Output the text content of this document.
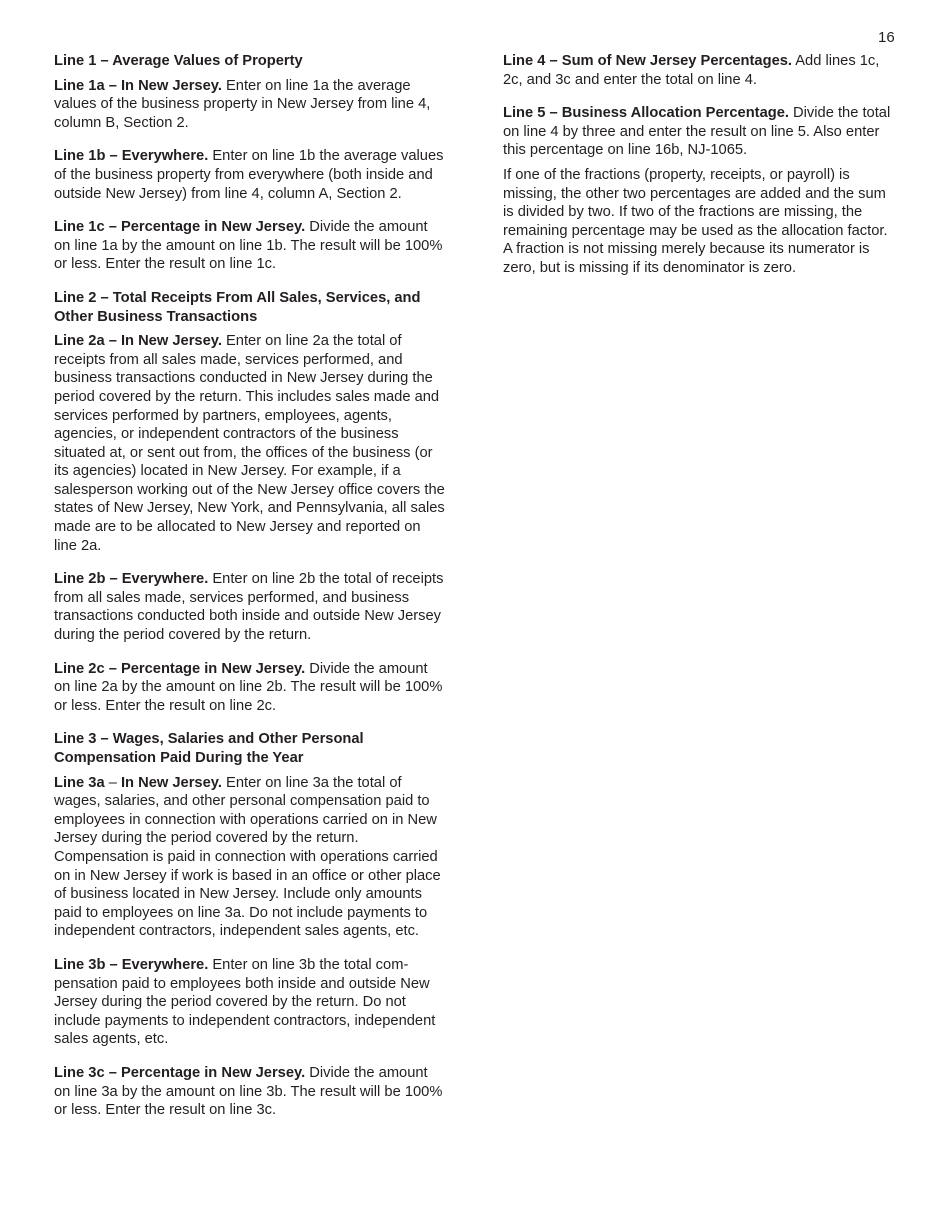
16
Line 1 – Average Values of Property

Line 1a – In New Jersey. Enter on line 1a the average values of the business property in New Jersey from line 4, column B, Section 2.

Line 1b – Everywhere. Enter on line 1b the average values of the business property from everywhere (both inside and outside New Jersey) from line 4, column A, Section 2.

Line 1c – Percentage in New Jersey. Divide the amount on line 1a by the amount on line 1b. The result will be 100% or less. Enter the result on line 1c.

Line 2 – Total Receipts From All Sales, Services, and Other Business Transactions

Line 2a – In New Jersey. Enter on line 2a the total of receipts from all sales made, services performed, and business transactions conducted in New Jersey during the period covered by the return. This includes sales made and services performed by partners, employees, agents, agencies, or independent contractors of the business situated at, or sent out from, the offices of the business (or its agencies) located in New Jersey. For example, if a salesperson working out of the New Jersey office covers the states of New Jersey, New York, and Pennsylvania, all sales made are to be allocated to New Jersey and reported on line 2a.

Line 2b – Everywhere. Enter on line 2b the total of receipts from all sales made, services performed, and business transactions conducted both inside and outside New Jersey during the period covered by the return.

Line 2c – Percentage in New Jersey. Divide the amount on line 2a by the amount on line 2b. The result will be 100% or less. Enter the result on line 2c.

Line 3 – Wages, Salaries and Other Personal Compensation Paid During the Year

Line 3a – In New Jersey. Enter on line 3a the total of wages, salaries, and other personal compensation paid to employees in connection with operations carried on in New Jersey during the period covered by the return. Compensation is paid in connection with operations carried on in New Jersey if work is based in an office or other place of business located in New Jersey. Include only amounts paid to employees on line 3a. Do not include payments to independent contractors, independent sales agents, etc.

Line 3b – Everywhere. Enter on line 3b the total compensation paid to employees both inside and outside New Jersey during the period covered by the return. Do not include payments to independent contractors, independent sales agents, etc.

Line 3c – Percentage in New Jersey. Divide the amount on line 3a by the amount on line 3b. The result will be 100% or less. Enter the result on line 3c.

Line 4 – Sum of New Jersey Percentages. Add lines 1c, 2c, and 3c and enter the total on line 4.

Line 5 – Business Allocation Percentage. Divide the total on line 4 by three and enter the result on line 5. Also enter this percentage on line 16b, NJ-1065.

If one of the fractions (property, receipts, or payroll) is missing, the other two percentages are added and the sum is divided by two. If two of the fractions are missing, the remaining percentage may be used as the allocation factor. A fraction is not missing merely because its numerator is zero, but is missing if its denominator is zero.
